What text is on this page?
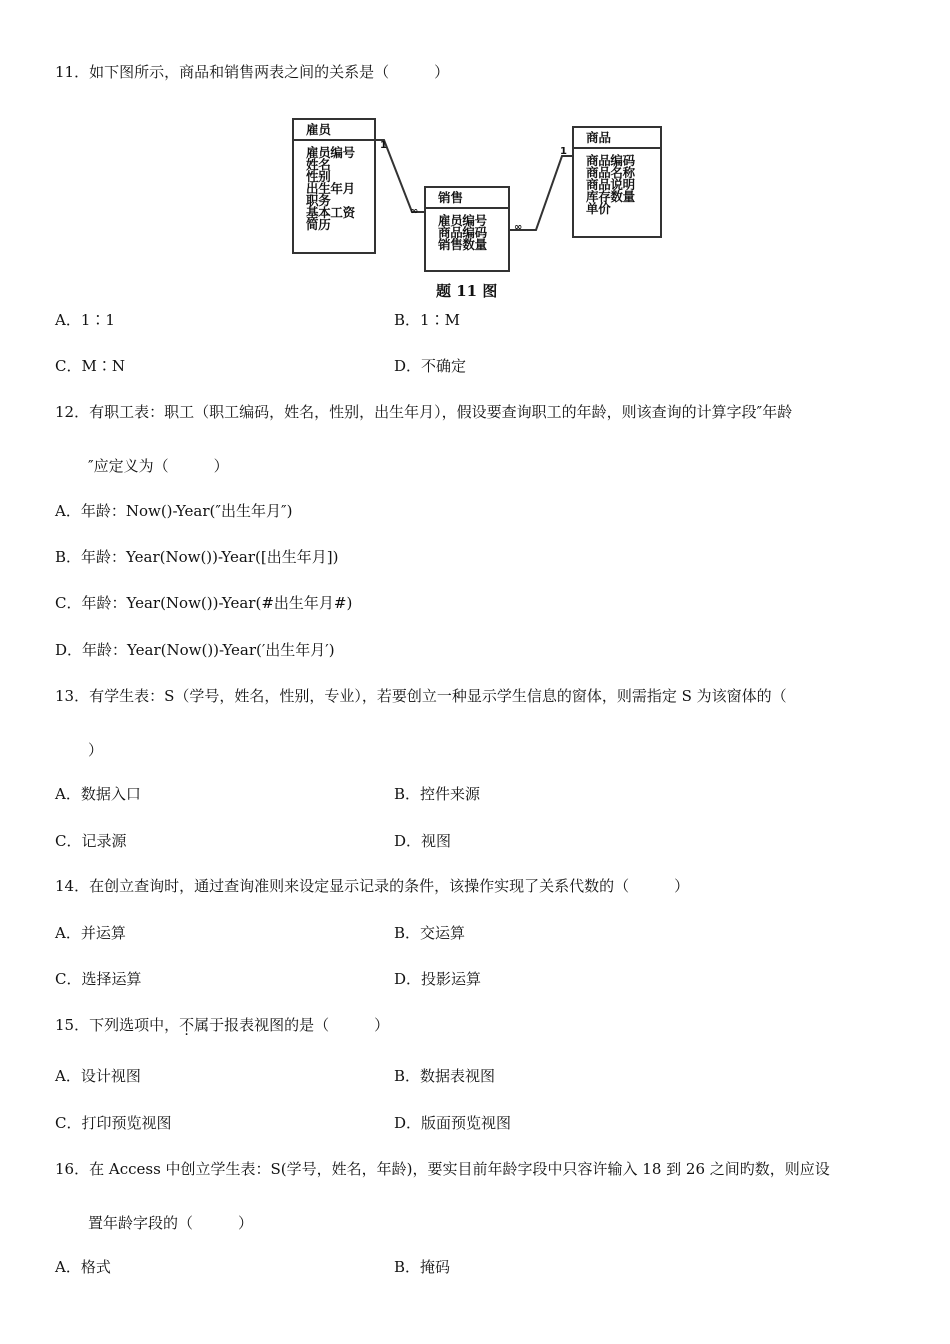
11．如下图所示，商品和销售两表之间的关系是（　　　）
雇员
雇员编号
姓名
性别
出生年月
职务
基本工资
简历
销售
雇员编号
商品编码
销售数量
商品
商品编码
商品名称
商品说明
库存数量
单价
1
∞
1
∞
题 11 图
A．1∶1	B．1∶M
C．M∶N	D．不确定
12．有职工表：职工（职工编码，姓名，性别，出生年月），假设要查询职工的年龄，则该查询的计算字段″年龄
″应定义为（　　　）
A．年龄：Now()-Year(″出生年月″)
B．年龄：Year(Now())-Year([出生年月])
C．年龄：Year(Now())-Year(#出生年月#)
D．年龄：Year(Now())-Year(′出生年月′)
13．有学生表：S（学号，姓名，性别，专业），若要创立一种显示学生信息的窗体，则需指定 S 为该窗体的（
）
A．数据入口	B．控件来源
C．记录源	D．视图
14．在创立查询时，通过查询准则来设定显示记录的条件，该操作实现了关系代数的（　　　）
A．并运算	B．交运算
C．选择运算	D．投影运算
15．下列选项中，不属于报表视图的是（　　　）
A．设计视图	B．数据表视图
C．打印预览视图	D．版面预览视图
16．在 Access 中创立学生表：S(学号，姓名，年龄)，要实目前年龄字段中只容许输入 18 到 26 之间旳数，则应设
置年龄字段的（　　　）
A．格式	B．掩码
